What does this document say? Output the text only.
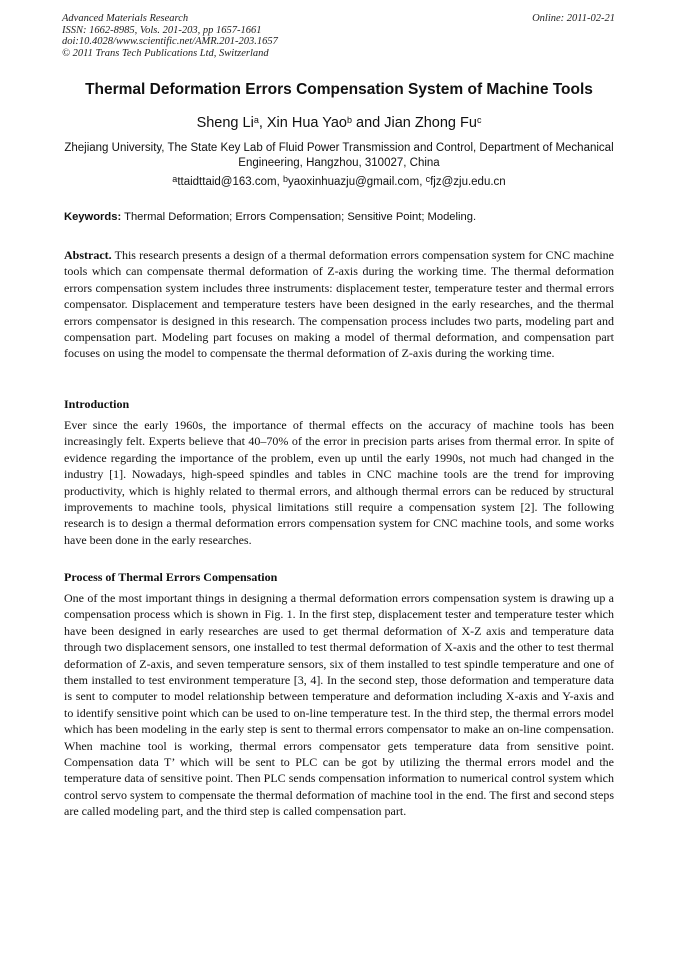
Advanced Materials Research
ISSN: 1662-8985, Vols. 201-203, pp 1657-1661
doi:10.4028/www.scientific.net/AMR.201-203.1657
© 2011 Trans Tech Publications Ltd, Switzerland
Online: 2011-02-21
Thermal Deformation Errors Compensation System of Machine Tools
Sheng Li$^a$, Xin Hua Yao$^b$ and Jian Zhong Fu$^c$
Zhejiang University, The State Key Lab of Fluid Power Transmission and Control, Department of Mechanical Engineering, Hangzhou, 310027, China
$^a$ttaidttaid@163.com, $^b$yaoxinhuazju@gmail.com, $^c$fjz@zju.edu.cn
Keywords: Thermal Deformation; Errors Compensation; Sensitive Point; Modeling.

Abstract. This research presents a design of a thermal deformation errors compensation system for CNC machine tools which can compensate thermal deformation of Z-axis during the working time. The thermal deformation errors compensation system includes three instruments: displacement tester, temperature tester and thermal errors compensator. Displacement and temperature testers have been designed in the early researches, and the thermal errors compensator is designed in this research. The compensation process includes two parts, modeling part and compensation part. Modeling part focuses on making a model of thermal deformation, and compensation part focuses on using the model to compensate the thermal deformation of Z-axis during the working time.

Introduction

Ever since the early 1960s, the importance of thermal effects on the accuracy of machine tools has been increasingly felt. Experts believe that 40–70% of the error in precision parts arises from thermal error. In spite of evidence regarding the importance of the problem, even up until the early 1990s, not much had changed in the industry [1]. Nowadays, high-speed spindles and tables in CNC machine tools are the trend for improving productivity, which is highly related to thermal errors, and although thermal errors can be reduced by structural improvements to machine tools, physical limitations still require a compensation system [2]. The following research is to design a thermal deformation errors compensation system for CNC machine tools, and some works have been done in the early researches.

Process of Thermal Errors Compensation

One of the most important things in designing a thermal deformation errors compensation system is drawing up a compensation process which is shown in Fig. 1. In the first step, displacement tester and temperature tester which have been designed in early researches are used to get thermal deformation of X-Z axis and temperature data through two displacement sensors, one installed to test thermal deformation of X-axis and the other to test thermal deformation of Z-axis, and seven temperature sensors, six of them installed to test spindle temperature and one of them installed to test environment temperature [3, 4]. In the second step, those deformation and temperature data is sent to computer to model relationship between temperature and deformation including X-axis and Y-axis and to identify sensitive point which can be used to on-line temperature test. In the third step, the thermal errors model which has been modeling in the early step is sent to thermal errors compensator to make an on-line compensation. When machine tool is working, thermal errors compensator gets temperature data from sensitive point. Compensation data T’ which will be sent to PLC can be got by utilizing the thermal errors model and the temperature data of sensitive point. Then PLC sends compensation information to numerical control system which control servo system to compensate the thermal deformation of machine tool in the end. The first and second steps are called modeling part, and the third step is called compensation part.
